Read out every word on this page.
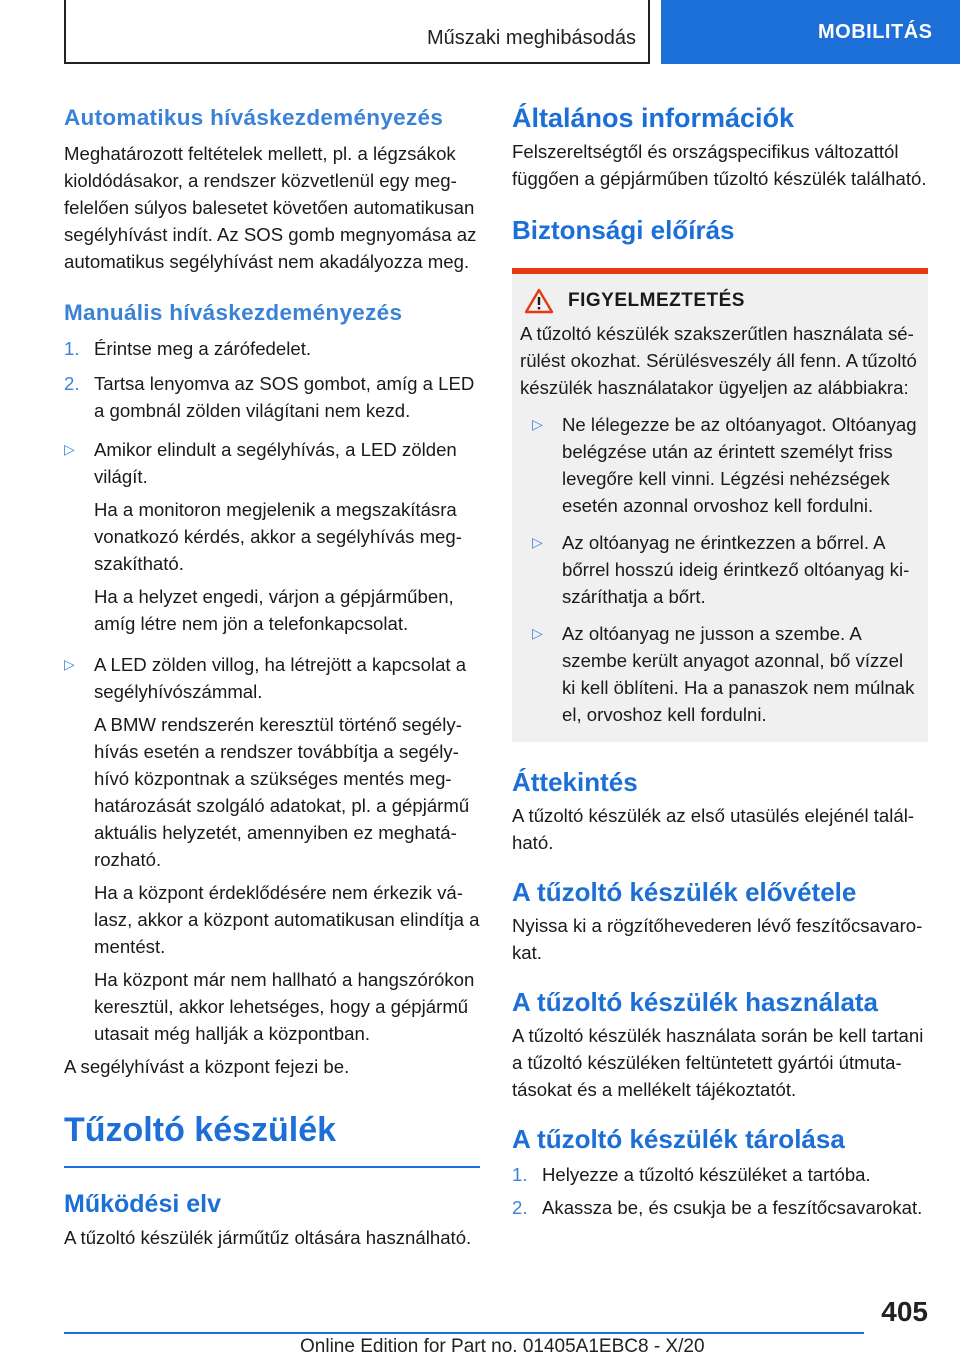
Műszaki meghibásodás	MOBILITÁS
Automatikus híváskezdeményezés
Meghatározott feltételek mellett, pl. a légzsákok kioldódásakor, a rendszer közvetlenül egy megfelelően súlyos balesetet követően automatikusan segélyhívást indít. Az SOS gomb megnyomása az automatikus segélyhívást nem akadályozza meg.
Manuális híváskezdeményezés
1. Érintse meg a zárófedelet.
2. Tartsa lenyomva az SOS gombot, amíg a LED a gombnál zölden világítani nem kezd.
▷	Amikor elindult a segélyhívás, a LED zölden világít.
Ha a monitoron megjelenik a megszakításra vonatkozó kérdés, akkor a segélyhívás megszakítható.
Ha a helyzet engedi, várjon a gépjárműben, amíg létre nem jön a telefonkapcsolat.
▷	A LED zölden villog, ha létrejött a kapcsolat a segélyhívószámmal.
A BMW rendszerén keresztül történő segélyhívás esetén a rendszer továbbítja a segélyhívó központnak a szükséges mentés meghatározását szolgáló adatokat, pl. a gépjármű aktuális helyzetét, amennyiben ez meghatározható.
Ha a központ érdeklődésére nem érkezik válasz, akkor a központ automatikusan elindítja a mentést.
Ha központ már nem hallható a hangszórókon keresztül, akkor lehetséges, hogy a gépjármű utasait még hallják a központban.
A segélyhívást a központ fejezi be.
Tűzoltó készülék
Működési elv
A tűzoltó készülék járműtűz oltására használható.
Általános információk
Felszereltségtől és országspecifikus változattól függően a gépjárműben tűzoltó készülék található.
Biztonsági előírás
FIGYELMEZTETÉS
A tűzoltó készülék szakszerűtlen használata sérülést okozhat. Sérülésveszély áll fenn. A tűzoltó készülék használatakor ügyeljen az alábbiakra:
▷	Ne lélegezze be az oltóanyagot. Oltóanyag belégzése után az érintett személyt friss levegőre kell vinni. Légzési nehézségek esetén azonnal orvoshoz kell fordulni.
▷	Az oltóanyag ne érintkezzen a bőrrel. A bőrrel hosszú ideig érintkező oltóanyag kiszáríthatja a bőrt.
▷	Az oltóanyag ne jusson a szembe. A szembe került anyagot azonnal, bő vízzel ki kell öblíteni. Ha a panaszok nem múlnak el, orvoshoz kell fordulni.
Áttekintés
A tűzoltó készülék az első utasülés elejénél található.
A tűzoltó készülék elővétele
Nyissa ki a rögzítőhevederen lévő feszítőcsavarokat.
A tűzoltó készülék használata
A tűzoltó készülék használata során be kell tartani a tűzoltó készüléken feltüntetett gyártói útmutatásokat és a mellékelt tájékoztatót.
A tűzoltó készülék tárolása
1. Helyezze a tűzoltó készüléket a tartóba.
2. Akassza be, és csukja be a feszítőcsavarokat.
405
Online Edition for Part no. 01405A1EBC8 - X/20
